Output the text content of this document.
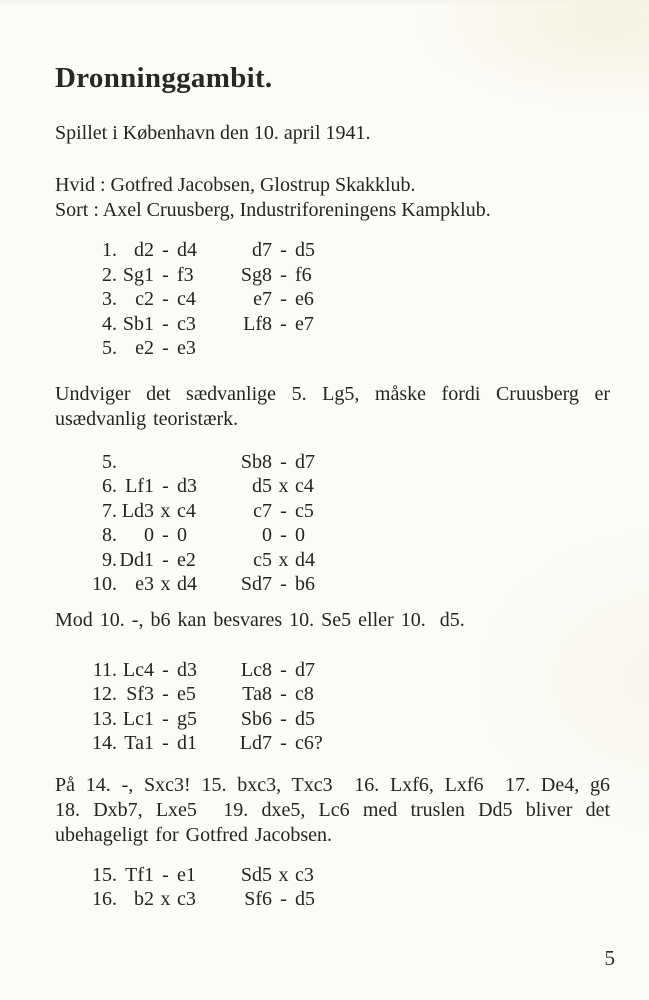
Dronninggambit.

Spillet i København den 10. april 1941.

Hvid : Gotfred Jacobsen, Glostrup Skakklub.

Sort : Axel Cruusberg, Industriforeningens Kampklub.

1. d2 - d4	d7 - d5
2. Sg1 - f3	Sg8 - f6
3. c2 - c4	e7 - e6
4. Sb1 - c3	Lf8 - e7
5. e2 - e3
Undviger det sædvanlige 5. Lg5, måske fordi Cruusberg er
usædvanlig teoristærk.
5.	Sb8 - d7
6. Lf1 - d3	d5 x c4
7. Ld3 x c4	c7 - c5
8.	0 - 0	0 - 0
9. Dd1 - e2	c5 x d4
10. e3 x d4	Sd7 - b6
Mod 10. -, b6 kan besvares 10. Se5 eller 10.  d5.
11. Lc4 - d3	Lc8 - d7
12. Sf3 - e5	Ta8 - c8
13. Lc1 - g5	Sb6 - d5
14. Ta1 - d1	Ld7 - c6?
På 14. -, Sxc3! 15. bxc3, Txc3  16. Lxf6, Lxf6  17. De4, g6
18. Dxb7, Lxe5  19. dxe5, Lc6 med truslen Dd5 bliver det
ubehageligt for Gotfred Jacobsen.
15. Tf1 - e1	Sd5 x c3
16. b2 x c3	Sf6 - d5
5
